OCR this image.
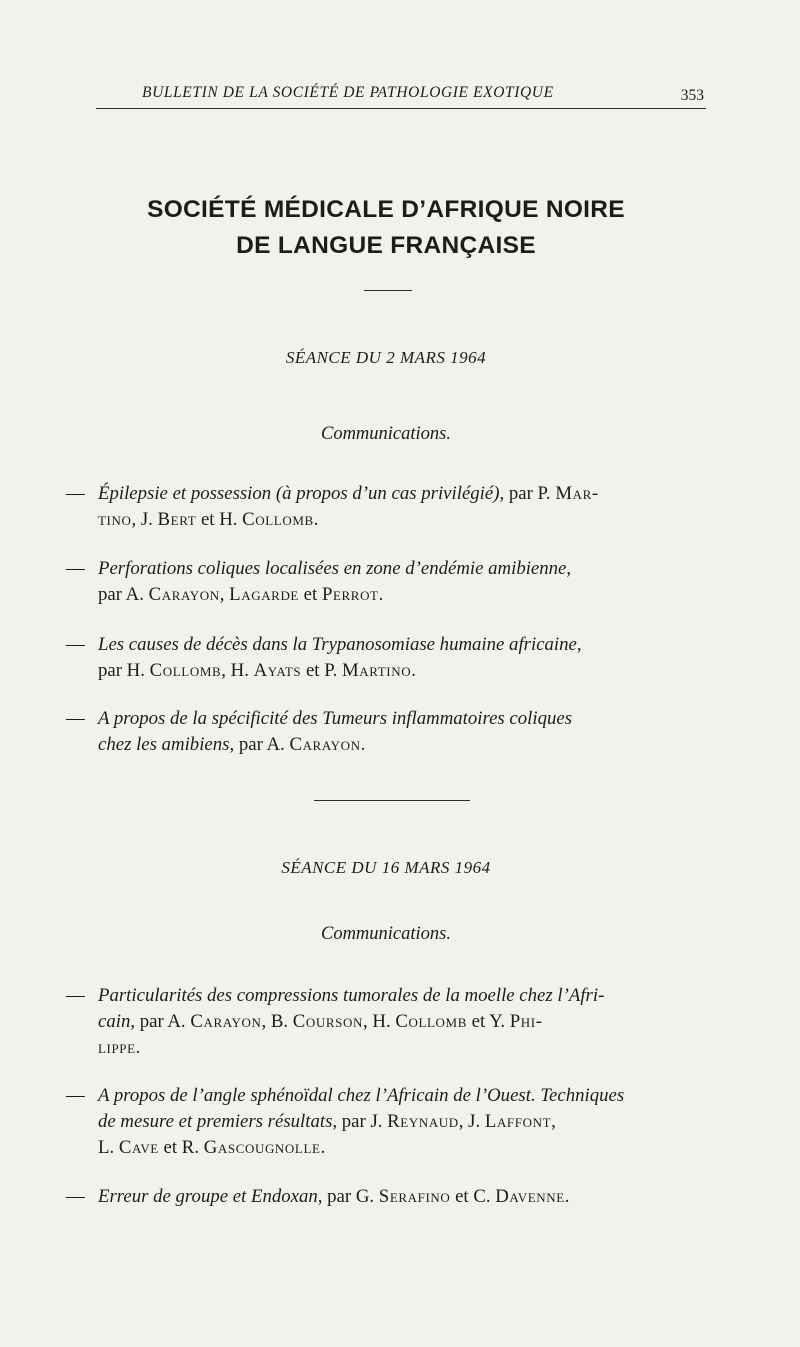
BULLETIN DE LA SOCIÉTÉ DE PATHOLOGIE EXOTIQUE	353
SOCIÉTÉ MÉDICALE D’AFRIQUE NOIRE
DE LANGUE FRANÇAISE
SÉANCE DU 2 MARS 1964
Communications.
— Épilepsie et possession (à propos d’un cas privilégié), par P. Mar-
tino, J. Bert et H. Collomb.
— Perforations coliques localisées en zone d’endémie amibienne,
par A. Carayon, Lagarde et Perrot.
— Les causes de décès dans la Trypanosomiase humaine africaine,
par H. Collomb, H. Ayats et P. Martino.
— A propos de la spécificité des Tumeurs inflammatoires coliques
chez les amibiens, par A. Carayon.
SÉANCE DU 16 MARS 1964
Communications.
— Particularités des compressions tumorales de la moelle chez l’Afri-
cain, par A. Carayon, B. Courson, H. Collomb et Y. Phi-
lippe.
— A propos de l’angle sphénoïdal chez l’Africain de l’Ouest. Techniques
de mesure et premiers résultats, par J. Reynaud, J. Laffont,
L. Cave et R. Gascougnolle.
— Erreur de groupe et Endoxan, par G. Serafino et C. Davenne.
